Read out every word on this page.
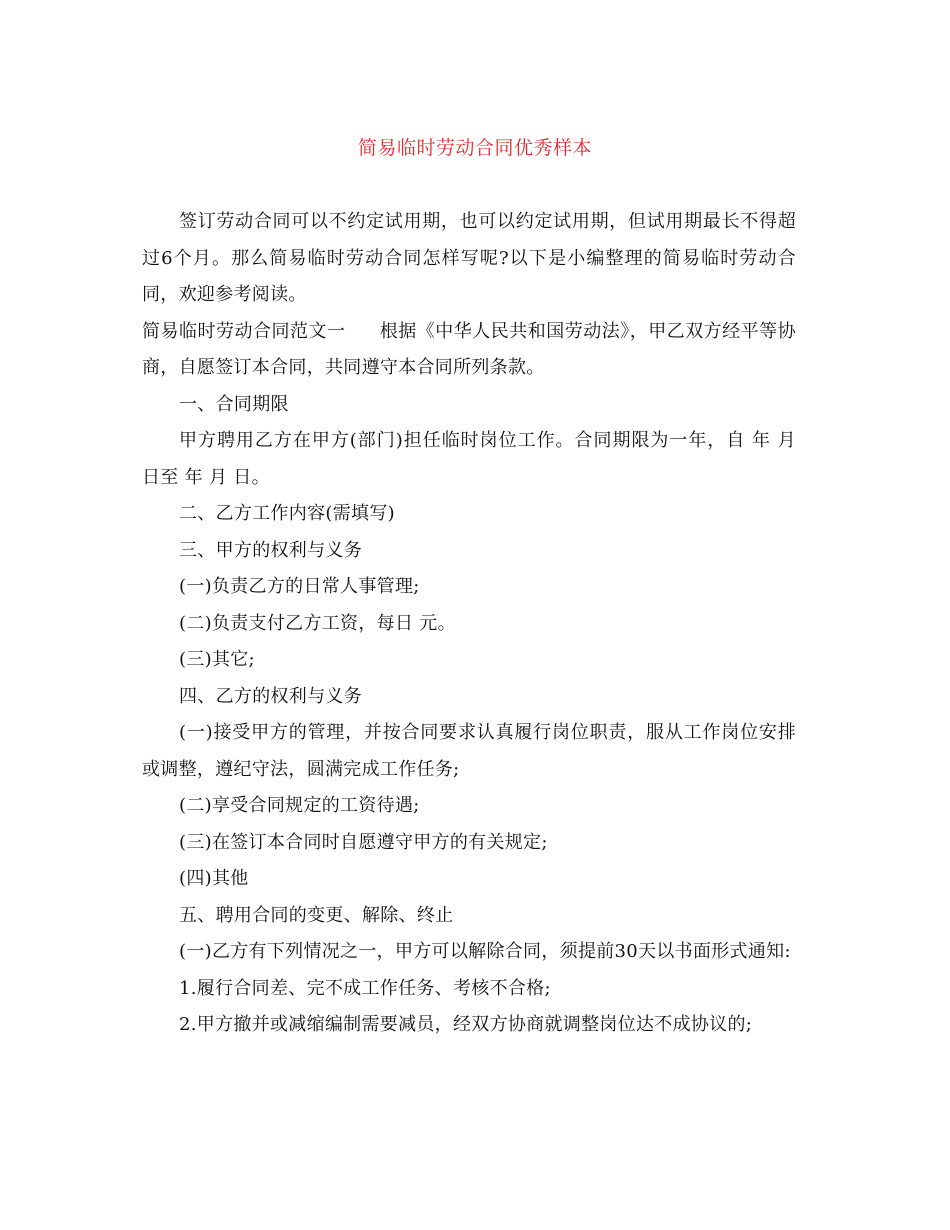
简易临时劳动合同优秀样本

签订劳动合同可以不约定试用期，也可以约定试用期，但试用期最长不得超过6个月。那么简易临时劳动合同怎样写呢?以下是小编整理的简易临时劳动合同，欢迎参考阅读。

简易临时劳动合同范文一 根据《中华人民共和国劳动法》，甲乙双方经平等协商，自愿签订本合同，共同遵守本合同所列条款。

一、合同期限

甲方聘用乙方在甲方(部门)担任临时岗位工作。合同期限为一年，自 年 月 日至 年 月 日。

二、乙方工作内容(需填写)

三、甲方的权利与义务

(一)负责乙方的日常人事管理;

(二)负责支付乙方工资，每日 元。

(三)其它;

四、乙方的权利与义务

(一)接受甲方的管理，并按合同要求认真履行岗位职责，服从工作岗位安排或调整，遵纪守法，圆满完成工作任务;

(二)享受合同规定的工资待遇;

(三)在签订本合同时自愿遵守甲方的有关规定;

(四)其他

五、聘用合同的变更、解除、终止

(一)乙方有下列情况之一，甲方可以解除合同，须提前30天以书面形式通知:

1.履行合同差、完不成工作任务、考核不合格;

2.甲方撤并或减缩编制需要减员，经双方协商就调整岗位达不成协议的;
